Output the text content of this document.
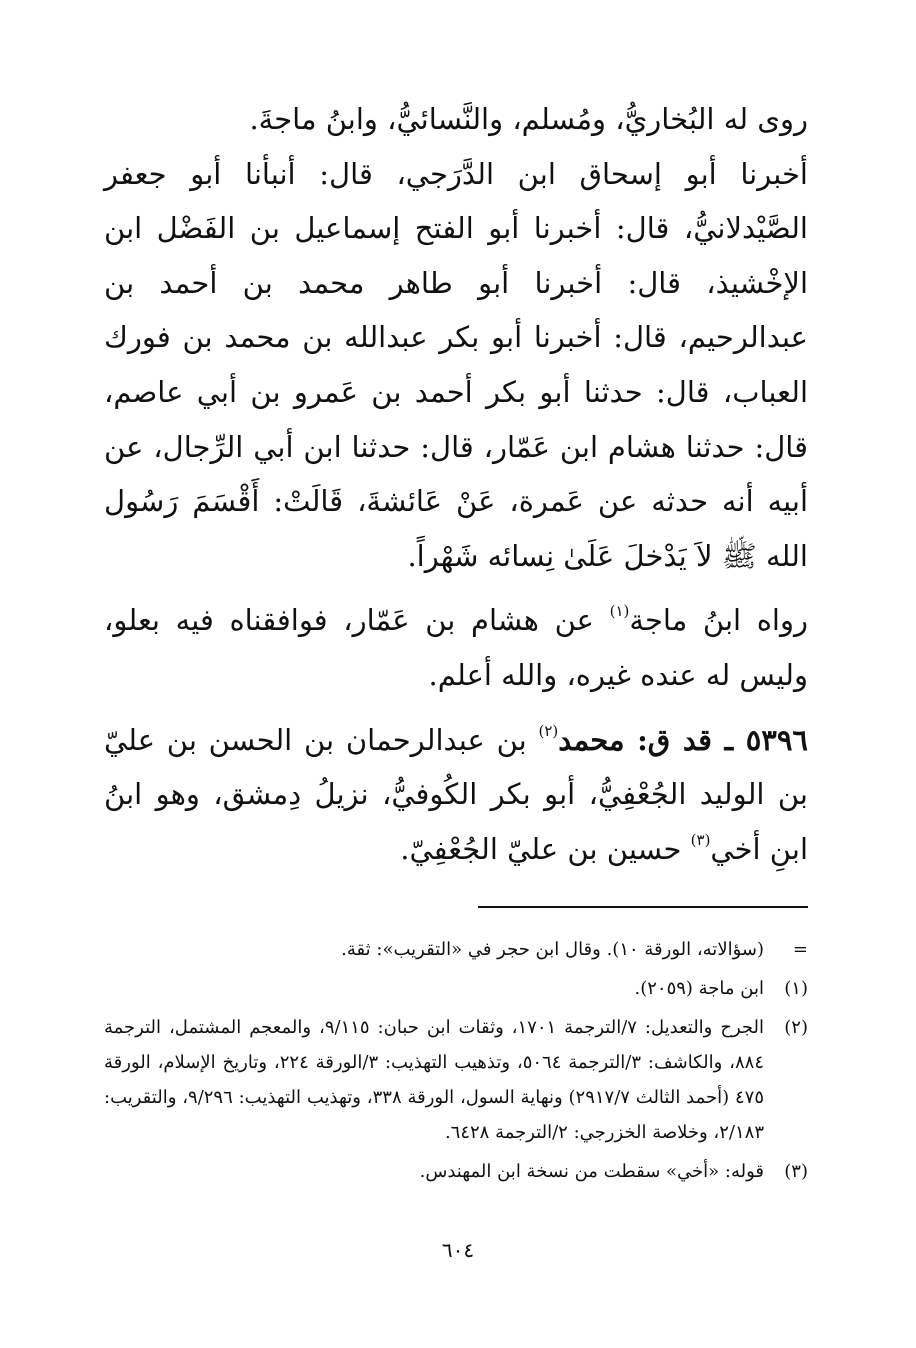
روى له البُخاريُّ، ومُسلم، والنَّسائيُّ، وابنُ ماجةَ.

أخبرنا أبو إسحاق ابن الدَّرَجي، قال: أنبأنا أبو جعفر الصَّيْدلانيُّ، قال: أخبرنا أبو الفتح إسماعيل بن الفَضْل ابن الإخْشيذ، قال: أخبرنا أبو طاهر محمد بن أحمد بن عبدالرحيم، قال: أخبرنا أبو بكر عبدالله بن محمد بن فورك العباب، قال: حدثنا أبو بكر أحمد بن عَمرو بن أبي عاصم، قال: حدثنا هشام ابن عَمّار، قال: حدثنا ابن أبي الرِّجال، عن أبيه أنه حدثه عن عَمرة، عَنْ عَائشةَ، قَالَتْ: أَقْسَمَ رَسُول الله ﷺ لاَ يَدْخلَ عَلَىٰ نِسائه شَهْراً.

رواه ابنُ ماجة$^{(١)}$ عن هشام بن عَمّار، فوافقناه فيه بعلو، وليس له عنده غيره، والله أعلم.

٥٣٩٦ ـ قد ق: محمد$^{(٢)}$ بن عبدالرحمان بن الحسن بن عليّ بن الوليد الجُعْفِيُّ، أبو بكر الكُوفيُّ، نزيلُ دِمشق، وهو ابنُ ابنِ أخي$^{(٣)}$ حسين بن عليّ الجُعْفِيّ.

=
(سؤالاته، الورقة ١٠). وقال ابن حجر في «التقريب»: ثقة.
(١)
ابن ماجة (٢٠٥٩).
(٢)
الجرح والتعديل: ٧/الترجمة ١٧٠١، وثقات ابن حبان: ٩/١١٥، والمعجم المشتمل، الترجمة ٨٨٤، والكاشف: ٣/الترجمة ٥٠٦٤، وتذهيب التهذيب: ٣/الورقة ٢٢٤، وتاريخ الإسلام، الورقة ٤٧٥ (أحمد الثالث ٢٩١٧/٧) ونهاية السول، الورقة ٣٣٨، وتهذيب التهذيب: ٩/٢٩٦، والتقريب: ٢/١٨٣، وخلاصة الخزرجي: ٢/الترجمة ٦٤٢٨.
(٣)
قوله: «أخي» سقطت من نسخة ابن المهندس.
٦٠٤
